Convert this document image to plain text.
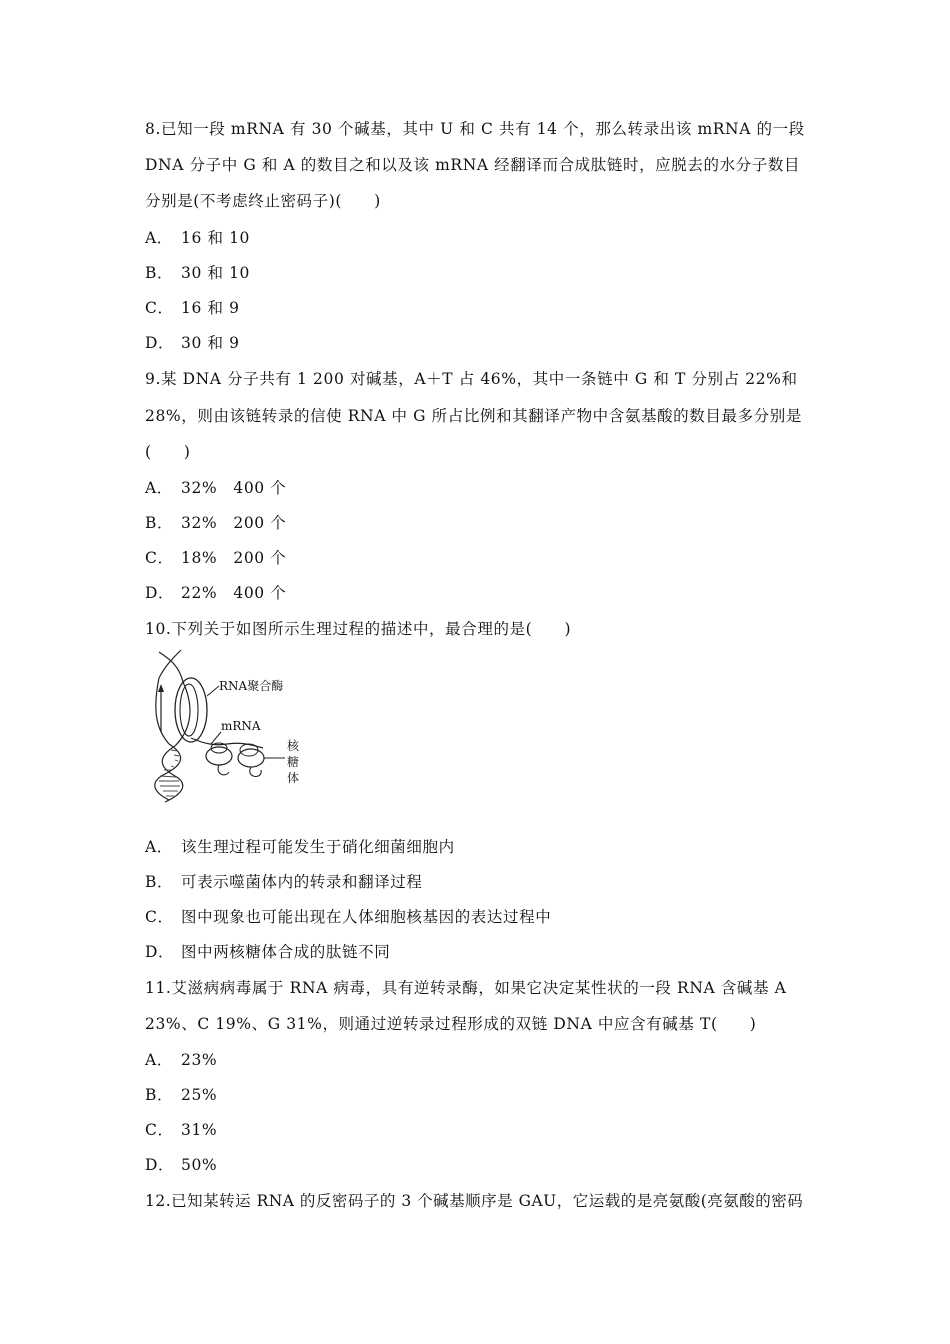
8.已知一段 mRNA 有 30 个碱基，其中 U 和 C 共有 14 个，那么转录出该 mRNA 的一段
DNA 分子中 G 和 A 的数目之和以及该 mRNA 经翻译而合成肽链时，应脱去的水分子数目
分别是(不考虑终止密码子)(　　)
A． 16 和 10
B． 30 和 10
C． 16 和 9
D． 30 和 9
9.某 DNA 分子共有 1 200 对碱基，A＋T 占 46%，其中一条链中 G 和 T 分别占 22%和
28%，则由该链转录的信使 RNA 中 G 所占比例和其翻译产物中含氨基酸的数目最多分别是
(　　)
A． 32%　400 个
B． 32%　200 个
C． 18%　200 个
D． 22%　400 个
10.下列关于如图所示生理过程的描述中，最合理的是(　　)
RNA聚合酶
mRNA
核
糖
体
A． 该生理过程可能发生于硝化细菌细胞内
B． 可表示噬菌体内的转录和翻译过程
C． 图中现象也可能出现在人体细胞核基因的表达过程中
D． 图中两核糖体合成的肽链不同
11.艾滋病病毒属于 RNA 病毒，具有逆转录酶，如果它决定某性状的一段 RNA 含碱基 A
23%、C 19%、G 31%，则通过逆转录过程形成的双链 DNA 中应含有碱基 T(　　)
A． 23%
B． 25%
C． 31%
D． 50%
12.已知某转运 RNA 的反密码子的 3 个碱基顺序是 GAU，它运载的是亮氨酸(亮氨酸的密码
